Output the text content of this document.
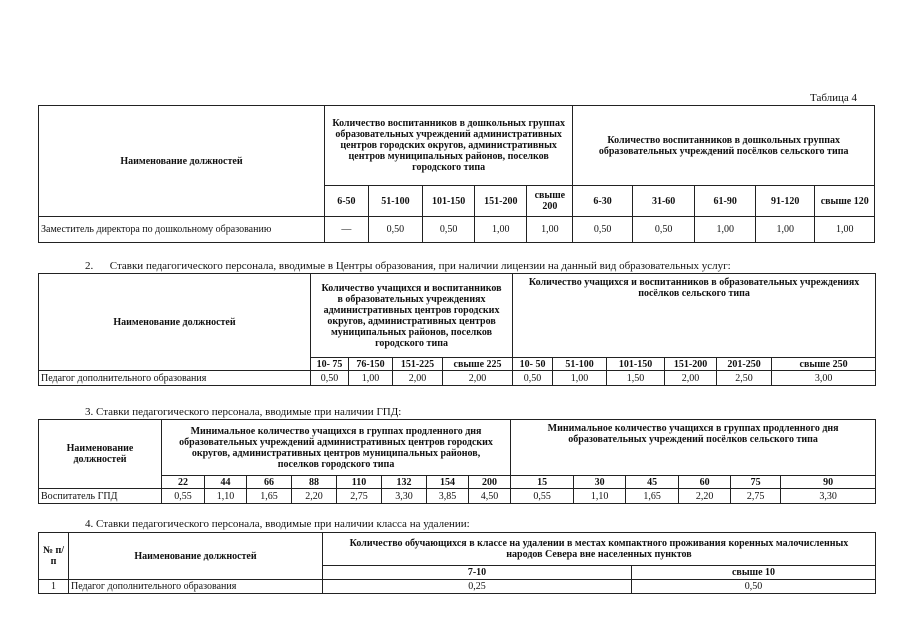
Таблица 4
Наименование должностей	Количество воспитанников в дошкольных группах образовательных учреждений административных центров городских округов, административных центров муниципальных районов, поселков городского типа					Количество воспитанников в дошкольных группах образовательных учреждений посёлков сельского типа				
	6-50	51-100	101-150	151-200	свыше 200	6-30	31-60	61-90	91-120	свыше 120
Заместитель директора по дошкольному образованию	—	0,50	0,50	1,00	1,00	0,50	0,50	1,00	1,00	1,00
2.      Ставки педагогического персонала, вводимые в Центры образования, при наличии лицензии на данный вид образовательных услуг:
Наименование должностей	Количество учащихся и воспитанников в образовательных учреждениях административных центров городских округов, административных центров муниципальных районов, поселков городского типа				Количество учащихся и воспитанников в образовательных учреждениях посёлков сельского типа					
	10- 75	76-150	151-225	свыше 225	10- 50	51-100	101-150	151-200	201-250	свыше 250
Педагог дополнительного образования	0,50	1,00	2,00	2,00	0,50	1,00	1,50	2,00	2,50	3,00
3. Ставки педагогического персонала, вводимые при наличии ГПД:
Наименование должностей	Минимальное количество учащихся в группах продленного дня образовательных учреждений административных центров городских округов, административных центров муниципальных районов, поселков городского типа								Минимальное количество учащихся в группах продленного дня образовательных учреждений посёлков сельского типа					
	22	44	66	88	110	132	154	200	15	30	45	60	75	90
Воспитатель ГПД	0,55	1,10	1,65	2,20	2,75	3,30	3,85	4,50	0,55	1,10	1,65	2,20	2,75	3,30
4. Ставки педагогического персонала, вводимые при наличии класса на удалении:
№ п/п	Наименование должностей	Количество обучающихся в классе на удалении в местах компактного проживания коренных малочисленных народов Севера вне населенных пунктов	
		7-10	свыше 10
1	Педагог дополнительного образования	0,25	0,50
